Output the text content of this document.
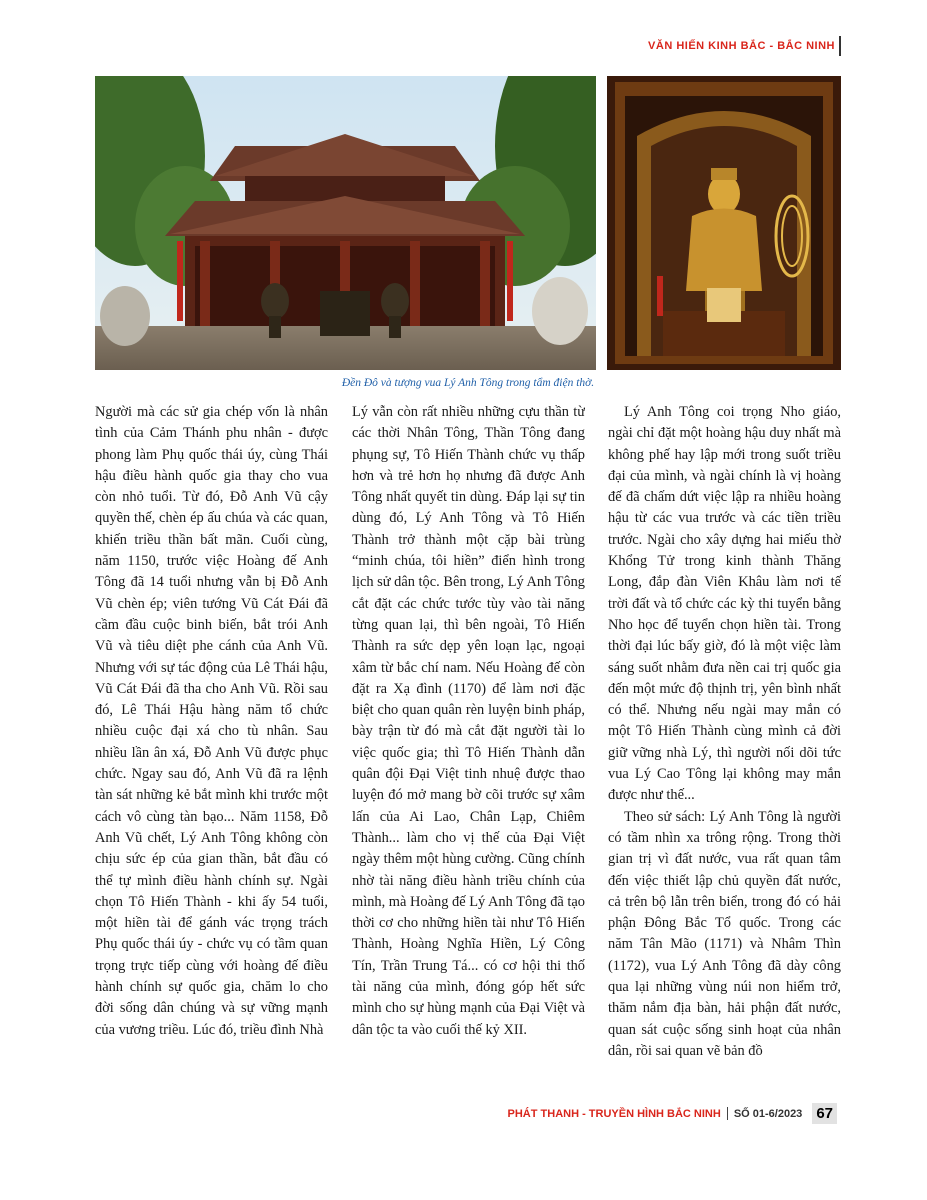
VĂN HIẾN KINH BẮC - BẮC NINH
Đền Đô và tượng vua Lý Anh Tông trong tẩm điện thờ.

Người mà các sử gia chép vốn là nhân tình của Cảm Thánh phu nhân - được phong làm Phụ quốc thái úy, cùng Thái hậu điều hành quốc gia thay cho vua còn nhỏ tuổi. Từ đó, Đỗ Anh Vũ cậy quyền thế, chèn ép ấu chúa và các quan, khiến triều thần bất mãn. Cuối cùng, năm 1150, trước việc Hoàng đế Anh Tông đã 14 tuổi nhưng vẫn bị Đỗ Anh Vũ chèn ép; viên tướng Vũ Cát Đái đã cầm đầu cuộc binh biến, bắt trói Anh Vũ và tiêu diệt phe cánh của Anh Vũ. Nhưng với sự tác động của Lê Thái hậu, Vũ Cát Đái đã tha cho Anh Vũ. Rồi sau đó, Lê Thái Hậu hàng năm tổ chức nhiều cuộc đại xá cho tù nhân. Sau nhiều lần ân xá, Đỗ Anh Vũ được phục chức. Ngay sau đó, Anh Vũ đã ra lệnh tàn sát những kẻ bắt mình khi trước một cách vô cùng tàn bạo... Năm 1158, Đỗ Anh Vũ chết, Lý Anh Tông không còn chịu sức ép của gian thần, bắt đầu có thể tự mình điều hành chính sự. Ngài chọn Tô Hiến Thành - khi ấy 54 tuổi, một hiền tài để gánh vác trọng trách Phụ quốc thái úy - chức vụ có tầm quan trọng trực tiếp cùng với hoàng đế điều hành chính sự quốc gia, chăm lo cho đời sống dân chúng và sự vững mạnh của vương triều. Lúc đó, triều đình Nhà

Lý vẫn còn rất nhiều những cựu thần từ các thời Nhân Tông, Thần Tông đang phụng sự, Tô Hiến Thành chức vụ thấp hơn và trẻ hơn họ nhưng đã được Anh Tông nhất quyết tin dùng. Đáp lại sự tin dùng đó, Lý Anh Tông và Tô Hiến Thành trở thành một cặp bài trùng “minh chúa, tôi hiền” điển hình trong lịch sử dân tộc. Bên trong, Lý Anh Tông cắt đặt các chức tước tùy vào tài năng từng quan lại, thì bên ngoài, Tô Hiến Thành ra sức dẹp yên loạn lạc, ngoại xâm từ bắc chí nam. Nếu Hoàng đế còn đặt ra Xạ đình (1170) để làm nơi đặc biệt cho quan quân rèn luyện binh pháp, bày trận từ đó mà cắt đặt người tài lo việc quốc gia; thì Tô Hiến Thành dẫn quân đội Đại Việt tinh nhuệ được thao luyện đó mở mang bờ cõi trước sự xâm lấn của Ai Lao, Chân Lạp, Chiêm Thành... làm cho vị thế của Đại Việt ngày thêm một hùng cường. Cũng chính nhờ tài năng điều hành triều chính của mình, mà Hoàng đế Lý Anh Tông đã tạo thời cơ cho những hiền tài như Tô Hiến Thành, Hoàng Nghĩa Hiền, Lý Công Tín, Trần Trung Tá... có cơ hội thi thố tài năng của mình, đóng góp hết sức mình cho sự hùng mạnh của Đại Việt và dân tộc ta vào cuối thế kỷ XII.

Lý Anh Tông coi trọng Nho giáo, ngài chỉ đặt một hoàng hậu duy nhất mà không phế hay lập mới trong suốt triều đại của mình, và ngài chính là vị hoàng đế đã chấm dứt việc lập ra nhiều hoàng hậu từ các vua trước và các tiền triều trước. Ngài cho xây dựng hai miếu thờ Khổng Tử trong kinh thành Thăng Long, đắp đàn Viên Khâu làm nơi tế trời đất và tổ chức các kỳ thi tuyển bằng Nho học để tuyển chọn hiền tài. Trong thời đại lúc bấy giờ, đó là một việc làm sáng suốt nhằm đưa nền cai trị quốc gia đến một mức độ thịnh trị, yên bình nhất có thể. Nhưng nếu ngài may mắn có một Tô Hiến Thành cùng mình cả đời giữ vững nhà Lý, thì người nối dõi tức vua Lý Cao Tông lại không may mắn được như thế...

Theo sử sách: Lý Anh Tông là người có tầm nhìn xa trông rộng. Trong thời gian trị vì đất nước, vua rất quan tâm đến việc thiết lập chủ quyền đất nước, cả trên bộ lẫn trên biển, trong đó có hải phận Đông Bắc Tổ quốc. Trong các năm Tân Mão (1171) và Nhâm Thìn (1172), vua Lý Anh Tông đã dày công qua lại những vùng núi non hiểm trở, thăm nắm địa bàn, hải phận đất nước, quan sát cuộc sống sinh hoạt của nhân dân, rồi sai quan vẽ bản đồ

PHÁT THANH - TRUYỀN HÌNH BẮC NINH SỐ 01-6/2023 67
